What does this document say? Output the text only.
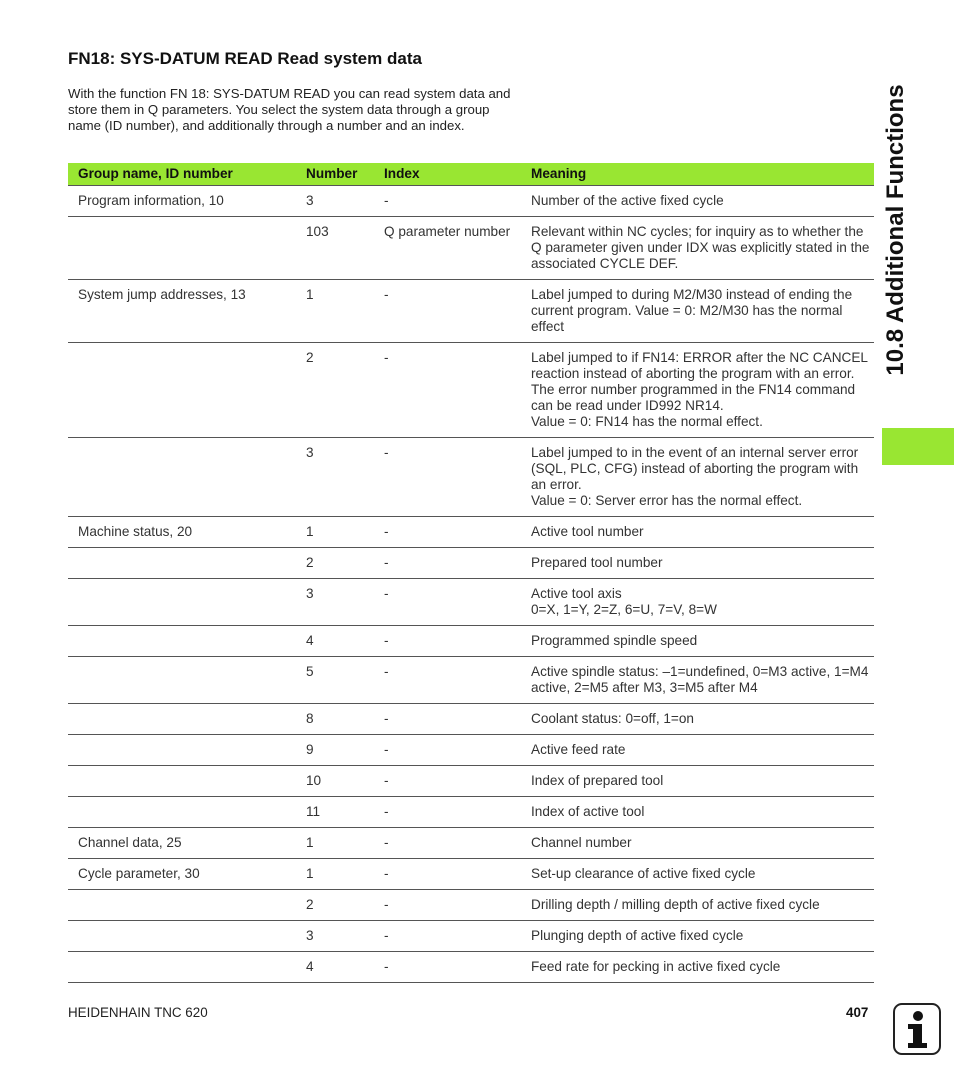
FN18: SYS-DATUM READ Read system data

With the function FN 18: SYS-DATUM READ you can read system data and store them in Q parameters. You select the system data through a group name (ID number), and additionally through a number and an index.

Group name, ID number	Number	Index	Meaning
Program information, 10	3	-	Number of the active fixed cycle
	103	Q parameter number	Relevant within NC cycles; for inquiry as to whether the Q parameter given under IDX was explicitly stated in the associated CYCLE DEF.
System jump addresses, 13	1	-	Label jumped to during M2/M30 instead of ending the current program. Value = 0: M2/M30 has the normal effect
	2	-	Label jumped to if FN14: ERROR after the NC CANCEL reaction instead of aborting the program with an error. The error number programmed in the FN14 command can be read under ID992 NR14.
Value = 0: FN14 has the normal effect.
	3	-	Label jumped to in the event of an internal server error (SQL, PLC, CFG) instead of aborting the program with an error.
Value = 0: Server error has the normal effect.
Machine status, 20	1	-	Active tool number
	2	-	Prepared tool number
	3	-	Active tool axis
0=X, 1=Y, 2=Z, 6=U, 7=V, 8=W
	4	-	Programmed spindle speed
	5	-	Active spindle status: –1=undefined, 0=M3 active, 1=M4 active, 2=M5 after M3, 3=M5 after M4
	8	-	Coolant status: 0=off, 1=on
	9	-	Active feed rate
	10	-	Index of prepared tool
	11	-	Index of active tool
Channel data, 25	1	-	Channel number
Cycle parameter, 30	1	-	Set-up clearance of active fixed cycle
	2	-	Drilling depth / milling depth of active fixed cycle
	3	-	Plunging depth of active fixed cycle
	4	-	Feed rate for pecking in active fixed cycle
10.8 Additional Functions
HEIDENHAIN TNC 620	407
